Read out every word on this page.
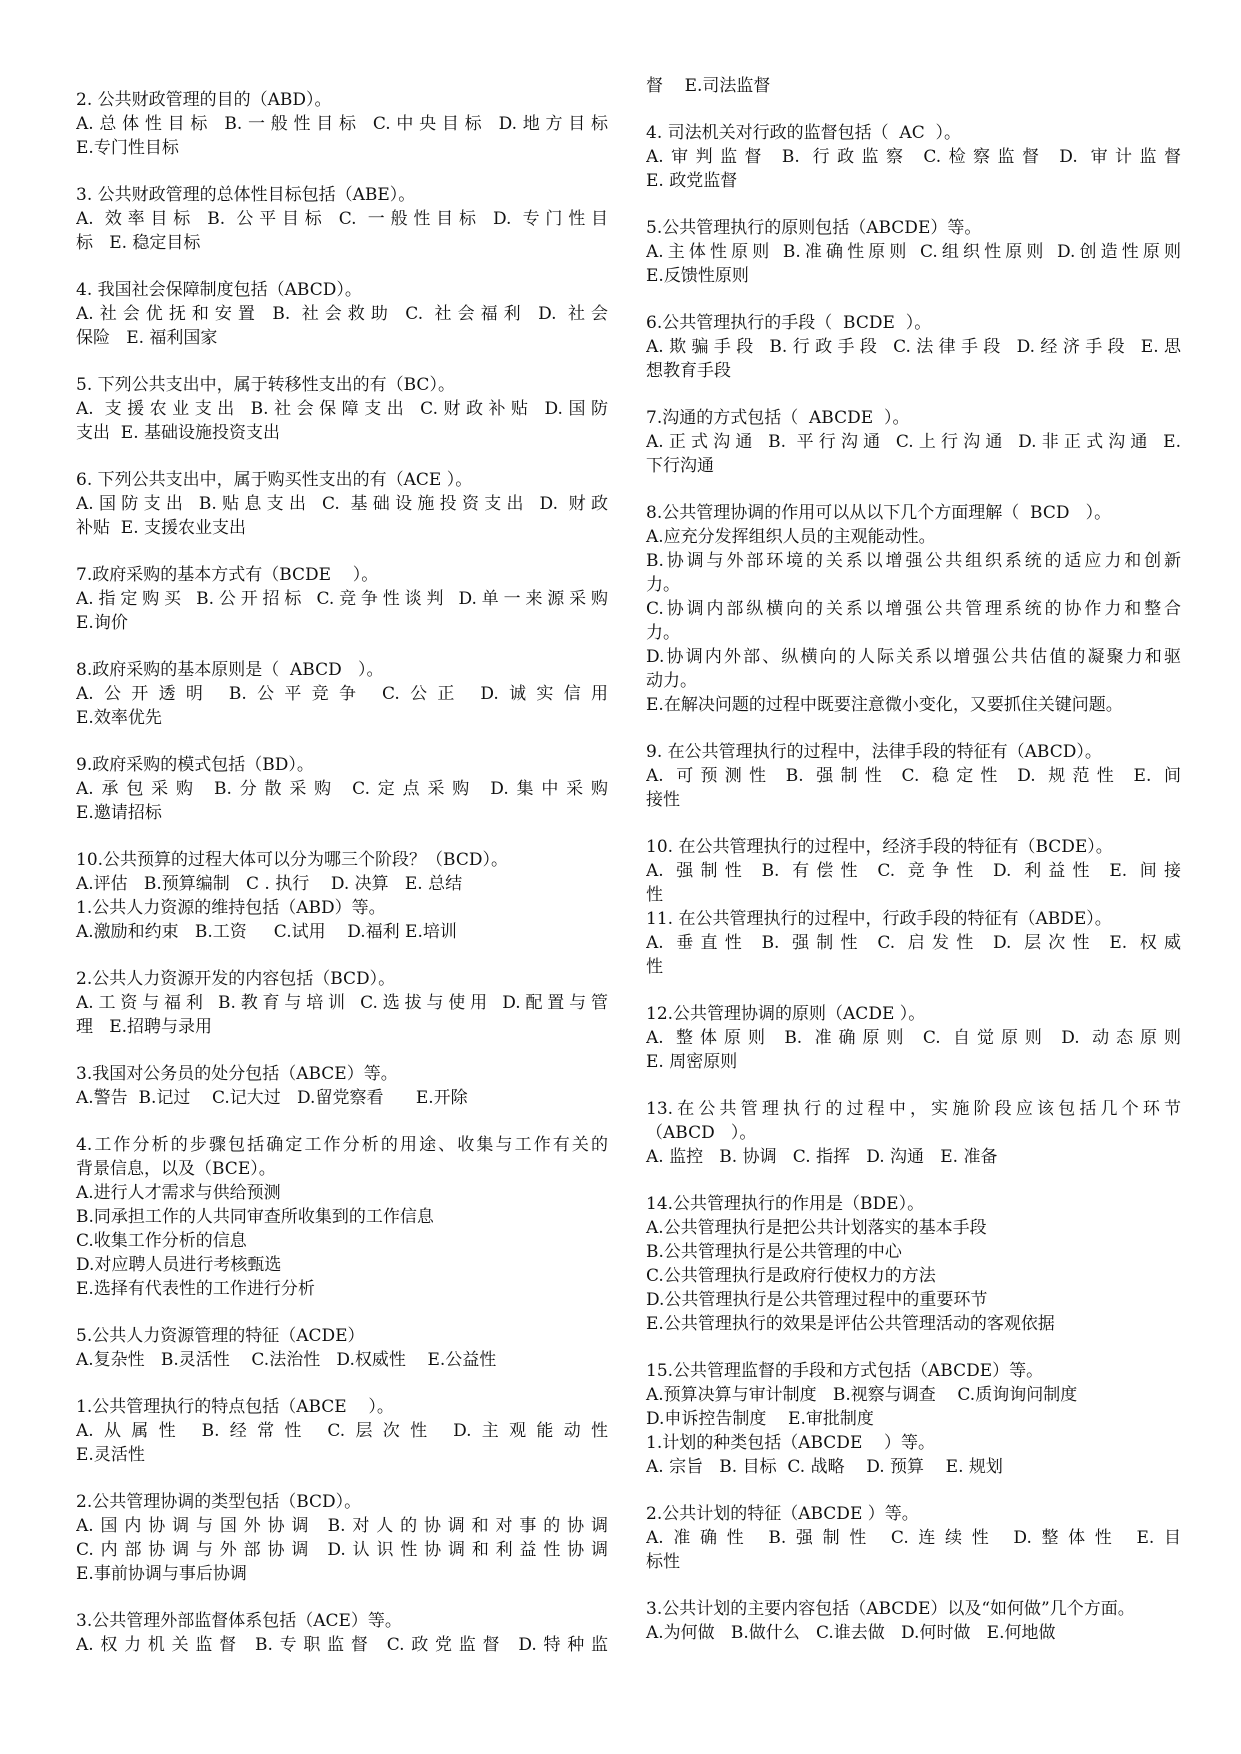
2. 公共财政管理的目的（ABD）。
A.总体性目标 B.一般性目标 C.中央目标 D.地方目标
E.专门性目标
3. 公共财政管理的总体性目标包括（ABE）。
A. 效率目标 B. 公平目标 C. 一般性目标 D. 专门性目
标   E. 稳定目标
4. 我国社会保障制度包括（ABCD）。
A.社会优抚和安置 B. 社会救助 C. 社会福利 D. 社会
保险   E. 福利国家
5. 下列公共支出中，属于转移性支出的有（BC）。
A. 支援农业支出 B.社会保障支出 C.财政补贴 D.国防
支出  E. 基础设施投资支出
6. 下列公共支出中，属于购买性支出的有（ACE ）。
A.国防支出 B.贴息支出 C. 基础设施投资支出 D. 财政
补贴  E. 支援农业支出
7.政府采购的基本方式有（BCDE    ）。
A.指定购买 B.公开招标 C.竞争性谈判 D.单一来源采购
E.询价
8.政府采购的基本原则是（  ABCD   ）。
A.公开透明 B.公平竞争 C.公正 D.诚实信用
E.效率优先
9.政府采购的模式包括（BD）。
A.承包采购 B.分散采购 C.定点采购 D.集中采购
E.邀请招标
10.公共预算的过程大体可以分为哪三个阶段？（BCD）。
A.评估   B.预算编制   C . 执行    D. 决算   E. 总结
1.公共人力资源的维持包括（ABD）等。
A.激励和约束   B.工资     C.试用    D.福利 E.培训
2.公共人力资源开发的内容包括（BCD）。
A.工资与福利 B.教育与培训 C.选拔与使用 D.配置与管
理   E.招聘与录用
3.我国对公务员的处分包括（ABCE）等。
A.警告  B.记过    C.记大过   D.留党察看      E.开除
4.工作分析的步骤包括确定工作分析的用途、收集与工作有关的
背景信息，以及（BCE）。
A.进行人才需求与供给预测
B.同承担工作的人共同审查所收集到的工作信息
C.收集工作分析的信息
D.对应聘人员进行考核甄选
E.选择有代表性的工作进行分析
5.公共人力资源管理的特征（ACDE）
A.复杂性   B.灵活性    C.法治性   D.权威性    E.公益性
1.公共管理执行的特点包括（ABCE    ）。
A.从属性 B.经常性 C.层次性 D.主观能动性
E.灵活性
2.公共管理协调的类型包括（BCD）。
A.国内协调与国外协调 B.对人的协调和对事的协调
C.内部协调与外部协调 D.认识性协调和利益性协调
E.事前协调与事后协调
3.公共管理外部监督体系包括（ACE）等。
A.权力机关监督 B.专职监督 C.政党监督 D.特种监
督    E.司法监督
4. 司法机关对行政的监督包括（  AC  ）。
A.审判监督 B. 行政监察 C.检察监督 D. 审计监督
E. 政党监督
5.公共管理执行的原则包括（ABCDE）等。
A.主体性原则 B.准确性原则 C.组织性原则 D.创造性原则
E.反馈性原则
6.公共管理执行的手段（  BCDE  ）。
A.欺骗手段 B.行政手段 C.法律手段 D.经济手段 E.思
想教育手段
7.沟通的方式包括（  ABCDE  ）。
A.正式沟通 B. 平行沟通 C.上行沟通 D.非正式沟通 E.
下行沟通
8.公共管理协调的作用可以从以下几个方面理解（  BCD   ）。
A.应充分发挥组织人员的主观能动性。
B.协调与外部环境的关系以增强公共组织系统的适应力和创新
力。
C.协调内部纵横向的关系以增强公共管理系统的协作力和整合
力。
D.协调内外部、纵横向的人际关系以增强公共估值的凝聚力和驱
动力。
E.在解决问题的过程中既要注意微小变化，又要抓住关键问题。
9. 在公共管理执行的过程中，法律手段的特征有（ABCD）。
A. 可预测性 B. 强制性 C. 稳定性 D. 规范性 E. 间
接性
10. 在公共管理执行的过程中，经济手段的特征有（BCDE）。
A. 强制性 B. 有偿性 C. 竞争性 D. 利益性 E. 间接
性
11. 在公共管理执行的过程中，行政手段的特征有（ABDE）。
A. 垂直性 B. 强制性 C. 启发性 D. 层次性 E. 权威
性
12.公共管理协调的原则（ACDE ）。
A. 整体原则 B. 准确原则 C. 自觉原则 D. 动态原则
E. 周密原则
13.在公共管理执行的过程中，实施阶段应该包括几个环节
（ABCD   ）。
A. 监控   B. 协调   C. 指挥   D. 沟通   E. 准备
14.公共管理执行的作用是（BDE）。
A.公共管理执行是把公共计划落实的基本手段
B.公共管理执行是公共管理的中心
C.公共管理执行是政府行使权力的方法
D.公共管理执行是公共管理过程中的重要环节
E.公共管理执行的效果是评估公共管理活动的客观依据
15.公共管理监督的手段和方式包括（ABCDE）等。
A.预算决算与审计制度   B.视察与调查    C.质询询问制度
D.申诉控告制度    E.审批制度
1.计划的种类包括（ABCDE    ）等。
A. 宗旨   B. 目标  C. 战略    D. 预算    E. 规划
2.公共计划的特征（ABCDE ）等。
A.准确性 B.强制性 C.连续性 D.整体性 E.目
标性
3.公共计划的主要内容包括（ABCDE）以及“如何做”几个方面。
A.为何做   B.做什么   C.谁去做   D.何时做   E.何地做
